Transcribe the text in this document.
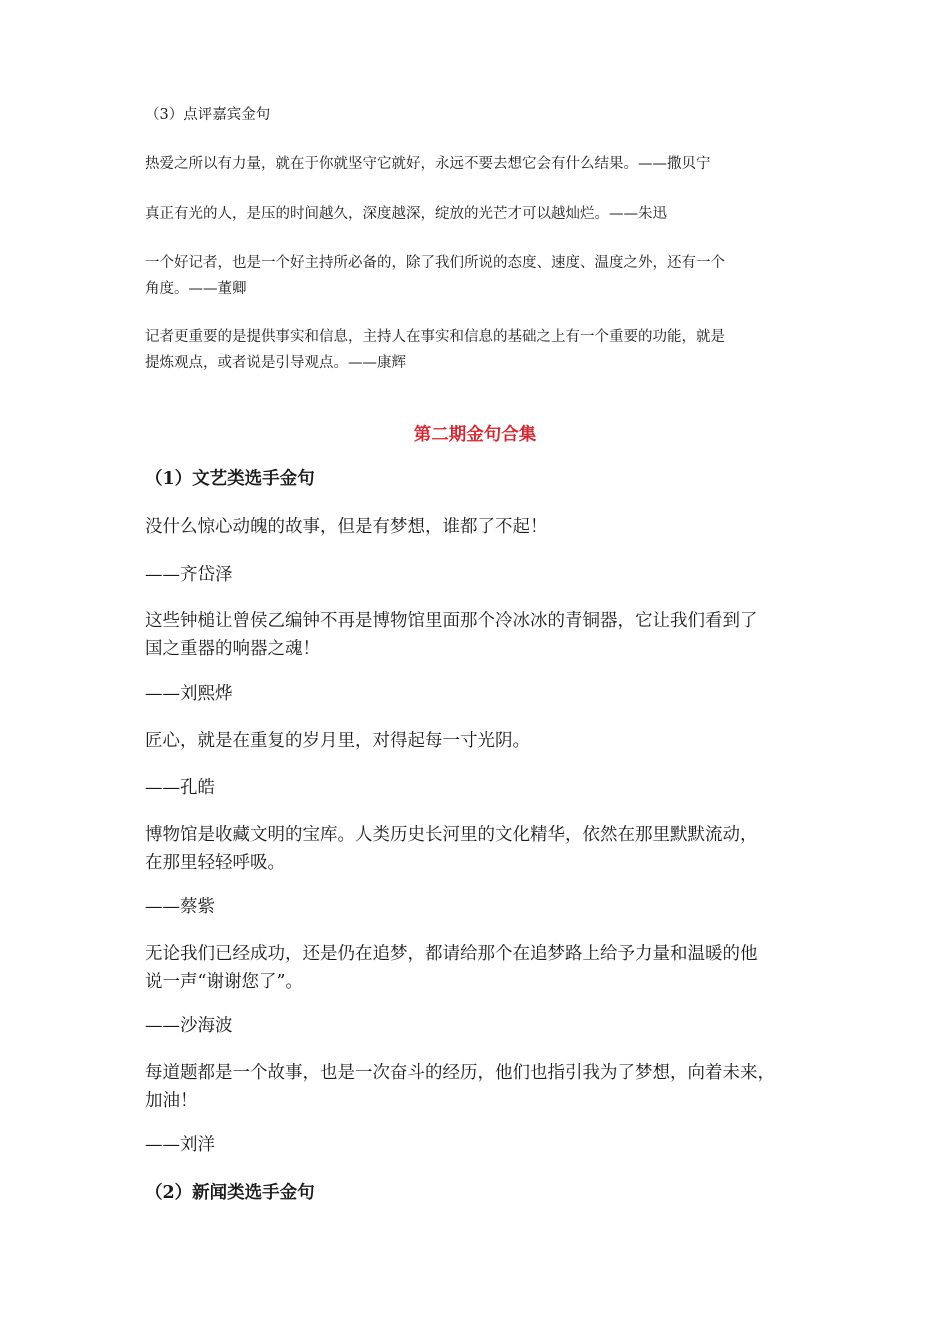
（3）点评嘉宾金句

热爱之所以有力量，就在于你就坚守它就好，永远不要去想它会有什么结果。——撒贝宁

真正有光的人，是压的时间越久，深度越深，绽放的光芒才可以越灿烂。——朱迅

一个好记者，也是一个好主持所必备的，除了我们所说的态度、速度、温度之外，还有一个
角度。——董卿

记者更重要的是提供事实和信息，主持人在事实和信息的基础之上有一个重要的功能，就是
提炼观点，或者说是引导观点。——康辉

第二期金句合集

（1）文艺类选手金句

没什么惊心动魄的故事，但是有梦想，谁都了不起！

——齐岱泽

这些钟槌让曾侯乙编钟不再是博物馆里面那个冷冰冰的青铜器，它让我们看到了
国之重器的响器之魂！

——刘熙烨

匠心，就是在重复的岁月里，对得起每一寸光阴。

——孔皓

博物馆是收藏文明的宝库。人类历史长河里的文化精华，依然在那里默默流动，
在那里轻轻呼吸。

——蔡紫

无论我们已经成功，还是仍在追梦，都请给那个在追梦路上给予力量和温暖的他
说一声“谢谢您了”。

——沙海波

每道题都是一个故事，也是一次奋斗的经历，他们也指引我为了梦想，向着未来，
加油！

——刘洋

（2）新闻类选手金句
